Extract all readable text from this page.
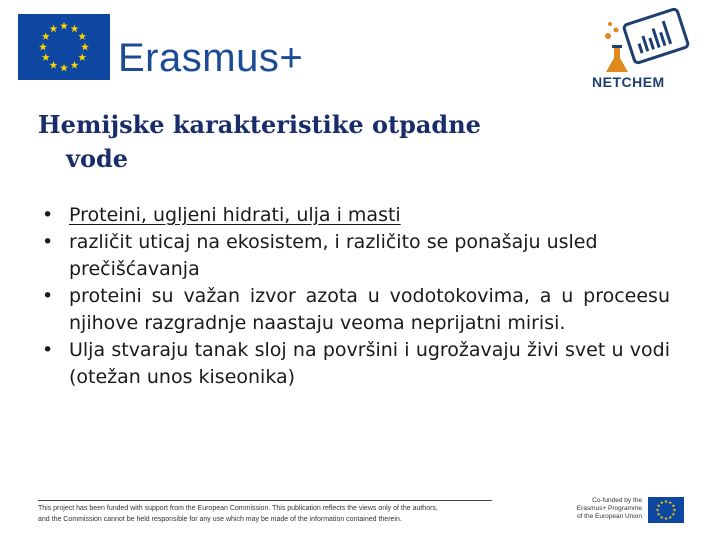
Erasmus+
NETCHEM
Hemijske karakteristike otpadne
vode
• Proteini, ugljeni hidrati, ulja i masti
• različit uticaj na ekosistem, i različito se ponašaju usled prečišćavanja
• proteini su važan izvor azota u vodotokovima, a u proceesu njihove razgradnje naastaju veoma neprijatni mirisi.
• Ulja stvaraju tanak sloj na površini i ugrožavaju živi svet u vodi (otežan unos kiseonika)
This project has been funded with support from the European Commission. This publication reflects the views only of the authors,
and the Commission cannot be held responsible for any use which may be made of the information contained therein.
Co-funded by the
Erasmus+ Programme
of the European Union
